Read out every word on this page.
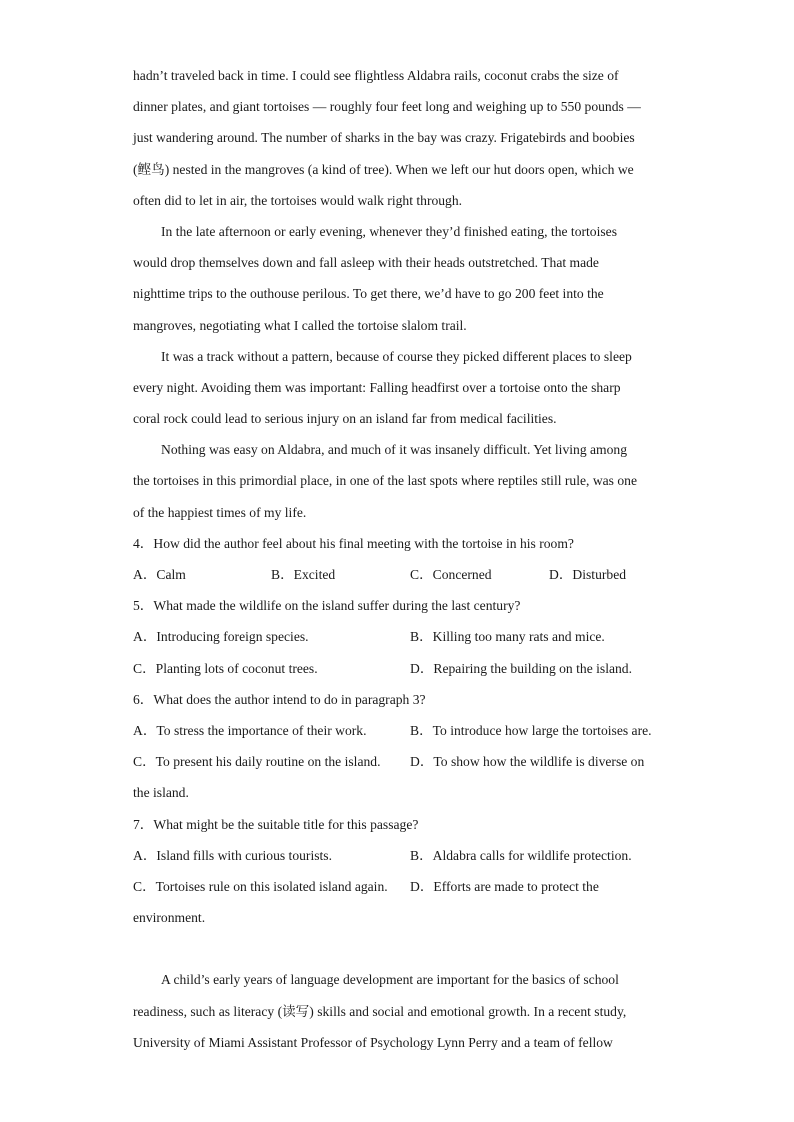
hadn’t traveled back in time. I could see flightless Aldabra rails, coconut crabs the size of
dinner plates, and giant tortoises — roughly four feet long and weighing up to 550 pounds —
just wandering around. The number of sharks in the bay was crazy. Frigatebirds and boobies
(鲣鸟) nested in the mangroves (a kind of tree). When we left our hut doors open, which we
often did to let in air, the tortoises would walk right through.
In the late afternoon or early evening, whenever they’d finished eating, the tortoises
would drop themselves down and fall asleep with their heads outstretched. That made
nighttime trips to the outhouse perilous. To get there, we’d have to go 200 feet into the
mangroves, negotiating what I called the tortoise slalom trail.
It was a track without a pattern, because of course they picked different places to sleep
every night. Avoiding them was important: Falling headfirst over a tortoise onto the sharp
coral rock could lead to serious injury on an island far from medical facilities.
Nothing was easy on Aldabra, and much of it was insanely difficult. Yet living among
the tortoises in this primordial place, in one of the last spots where reptiles still rule, was one
of the happiest times of my life.
4．How did the author feel about his final meeting with the tortoise in his room?
A．Calm	B．Excited	C．Concerned	D．Disturbed
5．What made the wildlife on the island suffer during the last century?
A．Introducing foreign species.	B．Killing too many rats and mice.
C．Planting lots of coconut trees.	D．Repairing the building on the island.
6．What does the author intend to do in paragraph 3?
A．To stress the importance of their work.	B．To introduce how large the tortoises are.
C．To present his daily routine on the island. D．To show how the wildlife is diverse on
the island.
7．What might be the suitable title for this passage?
A．Island fills with curious tourists.	B．Aldabra calls for wildlife protection.
C．Tortoises rule on this isolated island again. D．Efforts are made to protect the
environment.
A child’s early years of language development are important for the basics of school
readiness, such as literacy (读写) skills and social and emotional growth. In a recent study,
University of Miami Assistant Professor of Psychology Lynn Perry and a team of fellow
